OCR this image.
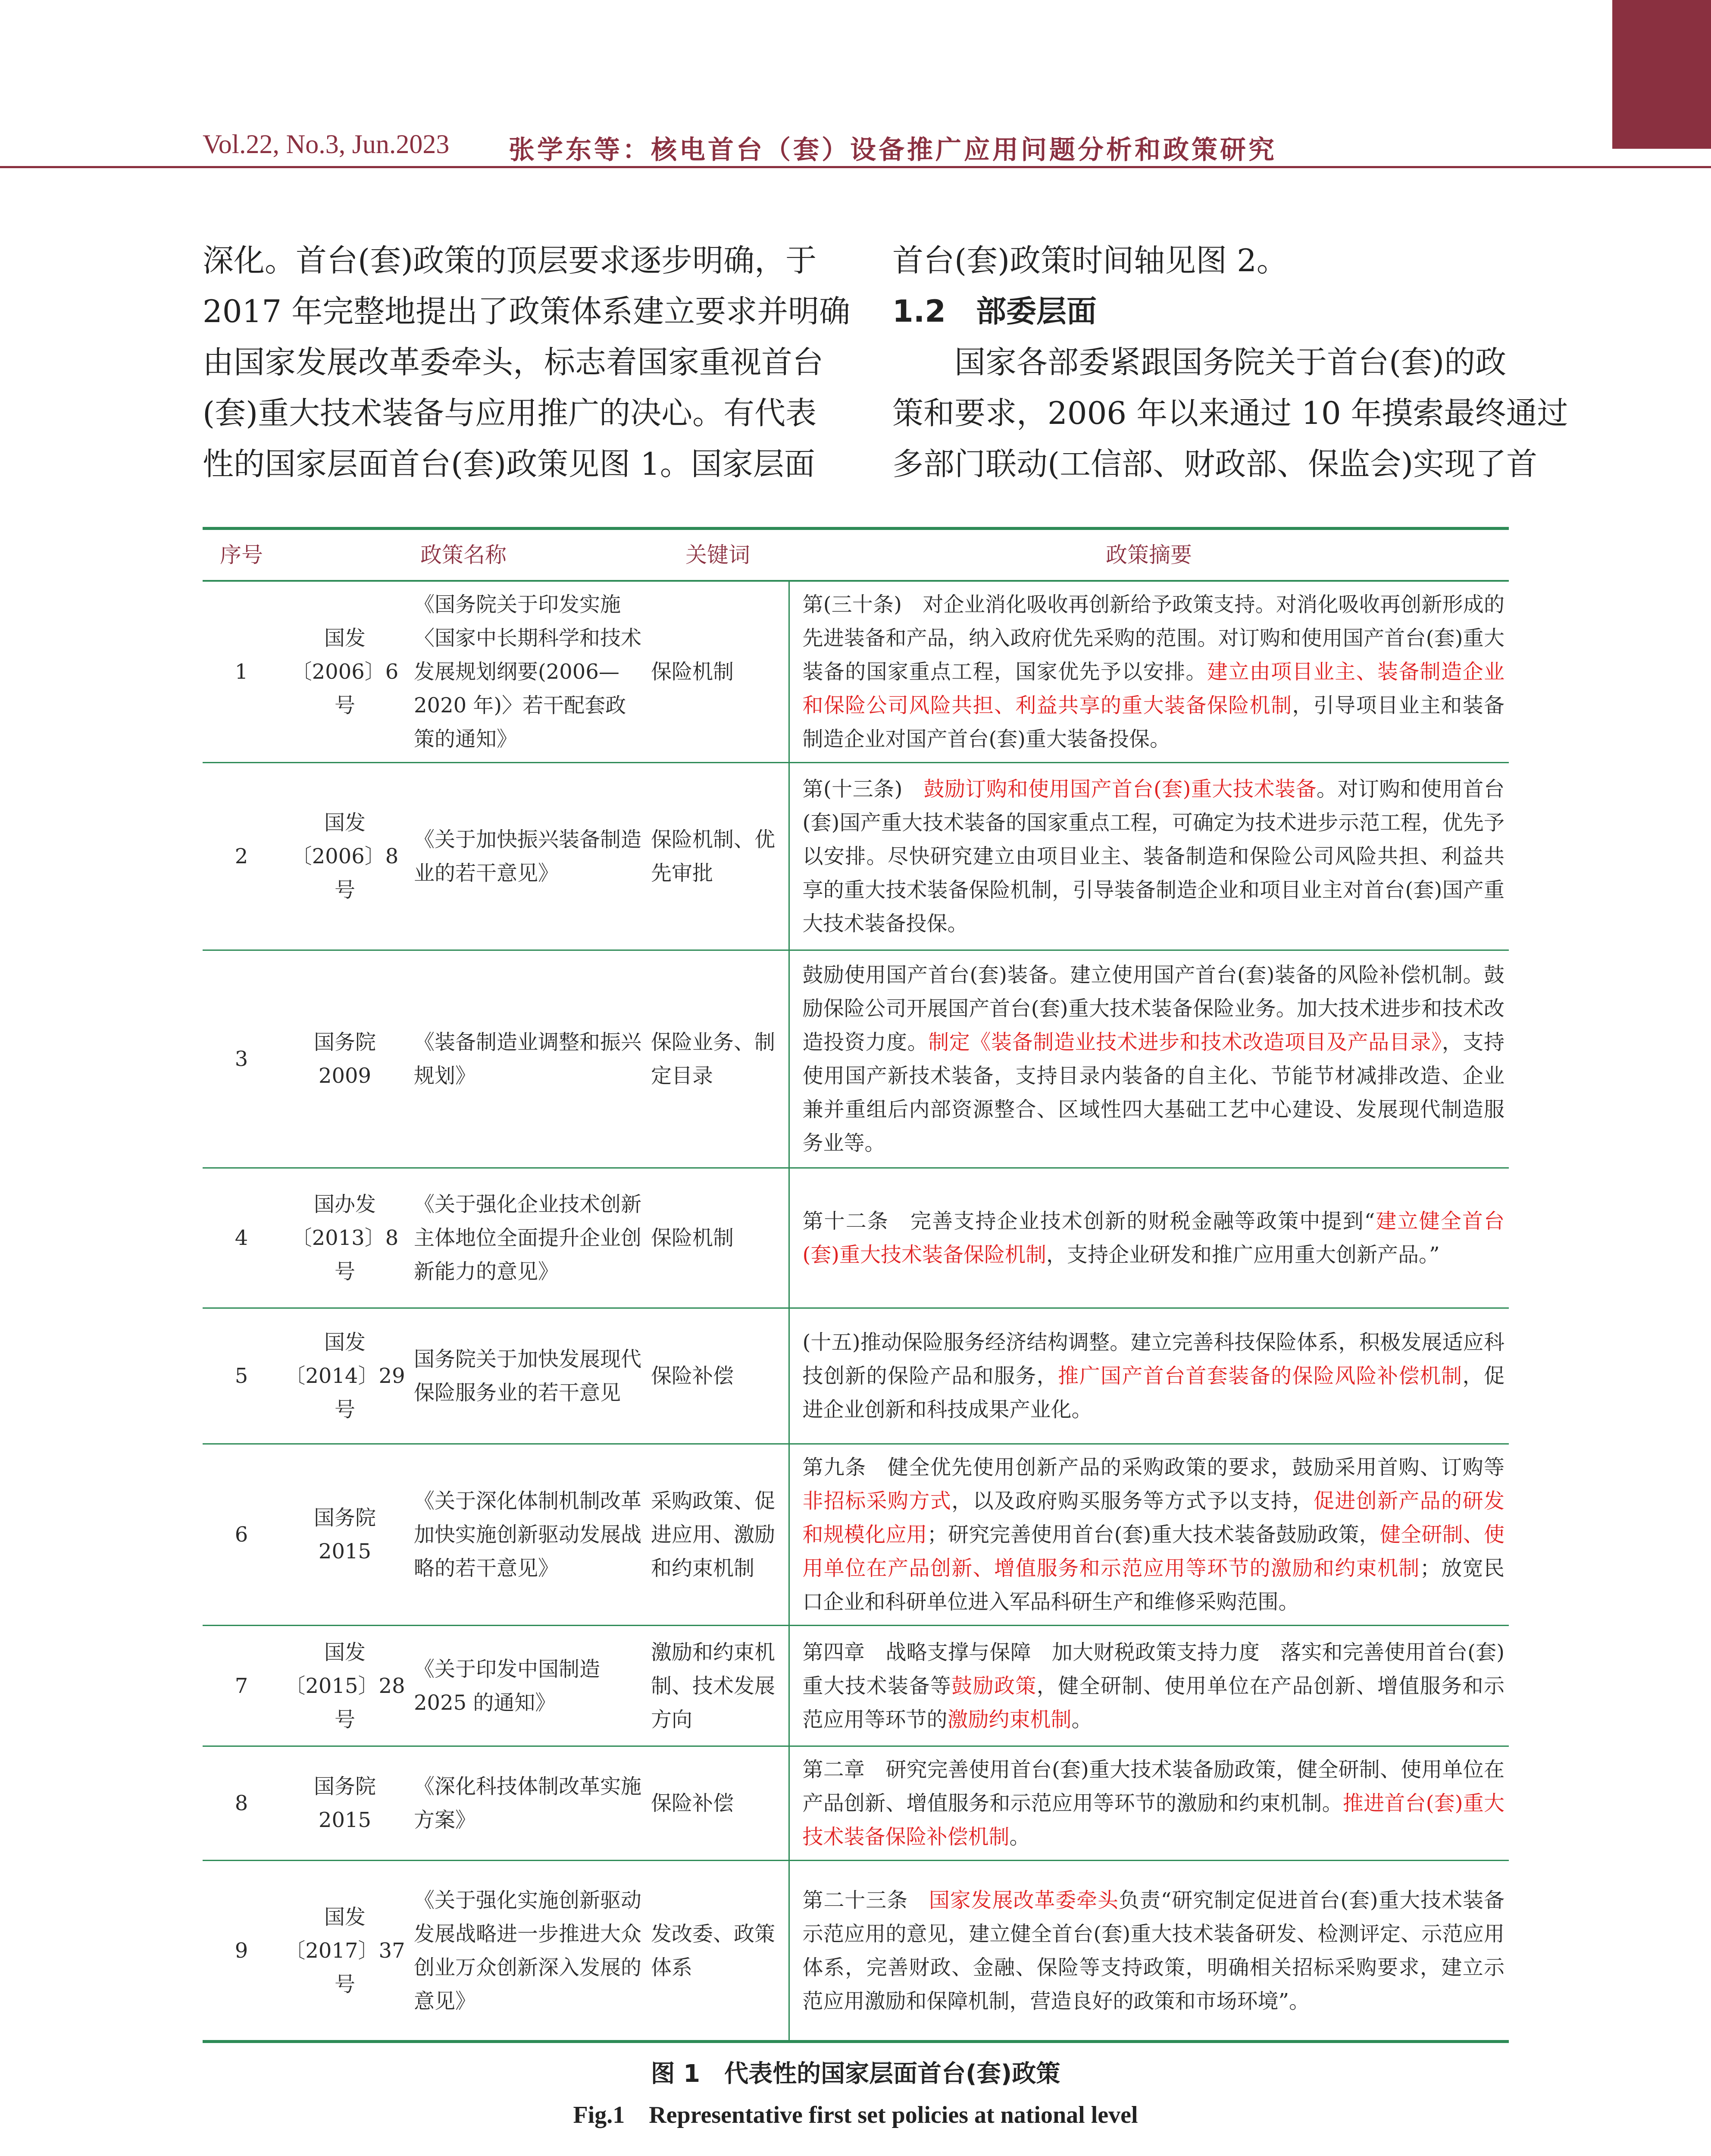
Vol.22, No.3, Jun.2023 张学东等：核电首台（套）设备推广应用问题分析和政策研究
深化。首台(套)政策的顶层要求逐步明确，于
2017 年完整地提出了政策体系建立要求并明确
由国家发展改革委牵头，标志着国家重视首台
(套)重大技术装备与应用推广的决心。有代表
性的国家层面首台(套)政策见图 1。国家层面
首台(套)政策时间轴见图 2。
1.2　部委层面
国家各部委紧跟国务院关于首台(套)的政
策和要求，2006 年以来通过 10 年摸索最终通过
多部门联动(工信部、财政部、保监会)实现了首
序号	政策名称		关键词	政策摘要
1	国发〔2006〕6 号	《国务院关于印发实施〈国家中长期科学和技术发展规划纲要(2006—2020 年)〉若干配套政策的通知》	保险机制	第(三十条)　对企业消化吸收再创新给予政策支持。对消化吸收再创新形成的先进装备和产品，纳入政府优先采购的范围。对订购和使用国产首台(套)重大装备的国家重点工程，国家优先予以安排。建立由项目业主、装备制造企业和保险公司风险共担、利益共享的重大装备保险机制，引导项目业主和装备制造企业对国产首台(套)重大装备投保。
2	国发〔2006〕8 号	《关于加快振兴装备制造业的若干意见》	保险机制、优先审批	第(十三条)　鼓励订购和使用国产首台(套)重大技术装备。对订购和使用首台(套)国产重大技术装备的国家重点工程，可确定为技术进步示范工程，优先予以安排。尽快研究建立由项目业主、装备制造和保险公司风险共担、利益共享的重大技术装备保险机制，引导装备制造企业和项目业主对首台(套)国产重大技术装备投保。
3	国务院 2009	《装备制造业调整和振兴规划》	保险业务、制定目录	鼓励使用国产首台(套)装备。建立使用国产首台(套)装备的风险补偿机制。鼓励保险公司开展国产首台(套)重大技术装备保险业务。加大技术进步和技术改造投资力度。制定《装备制造业技术进步和技术改造项目及产品目录》，支持使用国产新技术装备，支持目录内装备的自主化、节能节材减排改造、企业兼并重组后内部资源整合、区域性四大基础工艺中心建设、发展现代制造服务业等。
4	国办发〔2013〕8 号	《关于强化企业技术创新主体地位全面提升企业创新能力的意见》	保险机制	第十二条　完善支持企业技术创新的财税金融等政策中提到“建立健全首台(套)重大技术装备保险机制，支持企业研发和推广应用重大创新产品。”
5	国发〔2014〕29 号	国务院关于加快发展现代保险服务业的若干意见	保险补偿	(十五)推动保险服务经济结构调整。建立完善科技保险体系，积极发展适应科技创新的保险产品和服务，推广国产首台首套装备的保险风险补偿机制，促进企业创新和科技成果产业化。
6	国务院 2015	《关于深化体制机制改革加快实施创新驱动发展战略的若干意见》	采购政策、促进应用、激励和约束机制	第九条　健全优先使用创新产品的采购政策的要求，鼓励采用首购、订购等非招标采购方式，以及政府购买服务等方式予以支持，促进创新产品的研发和规模化应用；研究完善使用首台(套)重大技术装备鼓励政策，健全研制、使用单位在产品创新、增值服务和示范应用等环节的激励和约束机制；放宽民口企业和科研单位进入军品科研生产和维修采购范围。
7	国发〔2015〕28 号	《关于印发中国制造 2025 的通知》	激励和约束机制、技术发展方向	第四章　战略支撑与保障　加大财税政策支持力度　落实和完善使用首台(套)重大技术装备等鼓励政策，健全研制、使用单位在产品创新、增值服务和示范应用等环节的激励约束机制。
8	国务院 2015	《深化科技体制改革实施方案》	保险补偿	第二章　研究完善使用首台(套)重大技术装备励政策，健全研制、使用单位在产品创新、增值服务和示范应用等环节的激励和约束机制。推进首台(套)重大技术装备保险补偿机制。
9	国发〔2017〕37 号	《关于强化实施创新驱动发展战略进一步推进大众创业万众创新深入发展的意见》	发改委、政策体系	第二十三条　国家发展改革委牵头负责“研究制定促进首台(套)重大技术装备示范应用的意见，建立健全首台(套)重大技术装备研发、检测评定、示范应用体系，完善财政、金融、保险等支持政策，明确相关招标采购要求，建立示范应用激励和保障机制，营造良好的政策和市场环境”。
图 1　代表性的国家层面首台(套)政策
Fig.1　Representative first set policies at national level
